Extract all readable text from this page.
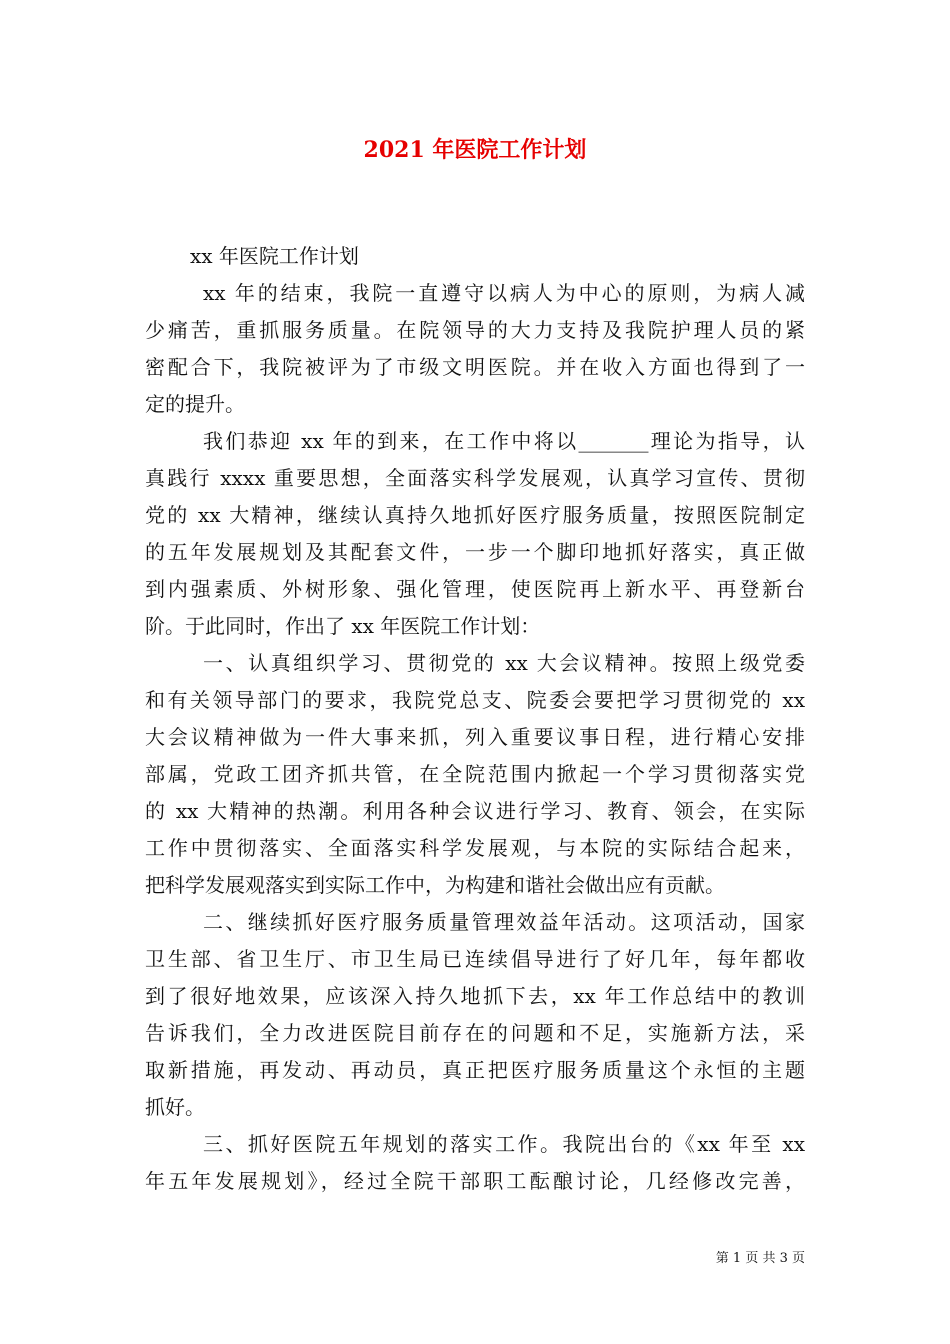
2021 年医院工作计划
xx 年医院工作计划
xx 年的结束，我院一直遵守以病人为中心的原则，为病人减
少痛苦，重抓服务质量。在院领导的大力支持及我院护理人员的紧
密配合下，我院被评为了市级文明医院。并在收入方面也得到了一
定的提升。
我们恭迎 xx 年的到来，在工作中将以_______理论为指导，认
真践行 xxxx 重要思想，全面落实科学发展观，认真学习宣传、贯彻
党的 xx 大精神，继续认真持久地抓好医疗服务质量，按照医院制定
的五年发展规划及其配套文件，一步一个脚印地抓好落实，真正做
到内强素质、外树形象、强化管理，使医院再上新水平、再登新台
阶。于此同时，作出了 xx 年医院工作计划：
一、认真组织学习、贯彻党的 xx 大会议精神。按照上级党委
和有关领导部门的要求，我院党总支、院委会要把学习贯彻党的 xx
大会议精神做为一件大事来抓，列入重要议事日程，进行精心安排
部属，党政工团齐抓共管，在全院范围内掀起一个学习贯彻落实党
的 xx 大精神的热潮。利用各种会议进行学习、教育、领会，在实际
工作中贯彻落实、全面落实科学发展观，与本院的实际结合起来，
把科学发展观落实到实际工作中，为构建和谐社会做出应有贡献。
二、继续抓好医疗服务质量管理效益年活动。这项活动，国家
卫生部、省卫生厅、市卫生局已连续倡导进行了好几年，每年都收
到了很好地效果，应该深入持久地抓下去，xx 年工作总结中的教训
告诉我们，全力改进医院目前存在的问题和不足，实施新方法，采
取新措施，再发动、再动员，真正把医疗服务质量这个永恒的主题
抓好。
三、抓好医院五年规划的落实工作。我院出台的《xx 年至 xx
年五年发展规划》，经过全院干部职工酝酿讨论，几经修改完善，
第 1 页 共 3 页
